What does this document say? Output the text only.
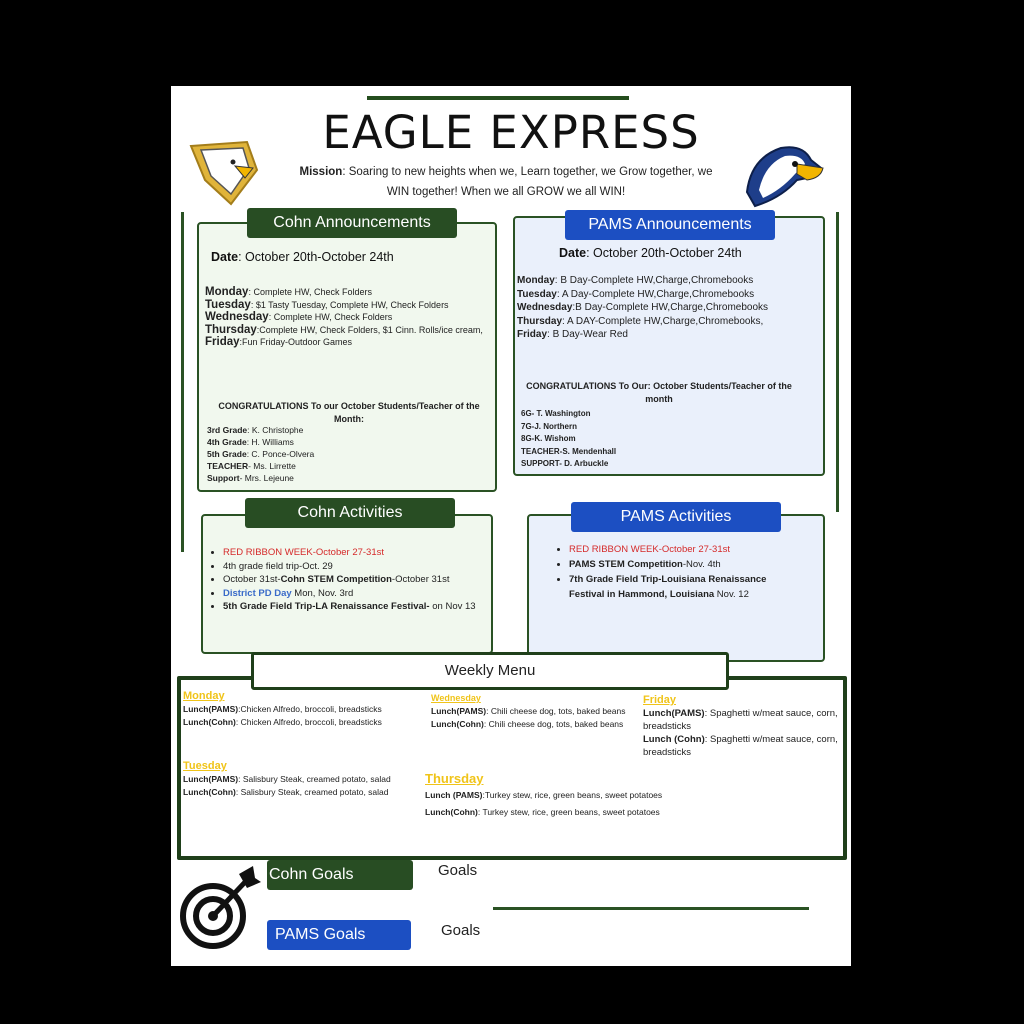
EAGLE EXPRESS
Mission: Soaring to new heights when we, Learn together, we Grow together, we WIN together! When we all GROW we all WIN!
Date: October 20th-October 24th
Monday: Complete HW, Check Folders
Tuesday: $1 Tasty Tuesday, Complete HW, Check Folders
Wednesday: Complete HW, Check Folders
Thursday:Complete HW, Check Folders, $1 Cinn. Rolls/ice cream,
Friday:Fun Friday-Outdoor Games
CONGRATULATIONS To our October Students/Teacher of the Month:
3rd Grade: K. Christophe
4th Grade: H. Williams
5th Grade: C. Ponce-Olvera
TEACHER- Ms. Lirrette
Support- Mrs. Lejeune
Cohn Announcements
Date: October 20th-October 24th
Monday: B Day-Complete HW,Charge,Chromebooks
Tuesday: A Day-Complete HW,Charge,Chromebooks
Wednesday:B Day-Complete HW,Charge,Chromebooks
Thursday: A DAY-Complete HW,Charge,Chromebooks,
Friday: B Day-Wear Red
CONGRATULATIONS To Our: October Students/Teacher of the month
6G- T. Washington
7G-J. Northern
8G-K. Wishom
TEACHER-S. Mendenhall
SUPPORT- D. Arbuckle
PAMS Announcements
• RED RIBBON WEEK-October 27-31st
• 4th grade field trip-Oct. 29
• October 31st-Cohn STEM Competition-October 31st
• District PD Day Mon, Nov. 3rd
• 5th Grade Field Trip-LA Renaissance Festival- on Nov 13
Cohn Activities
• RED RIBBON WEEK-October 27-31st
• PAMS STEM Competition-Nov. 4th
• 7th Grade Field Trip-Louisiana Renaissance Festival in Hammond, Louisiana Nov. 12
PAMS Activities
Monday
Lunch(PAMS):Chicken Alfredo, broccoli, breadsticks
Lunch(Cohn): Chicken Alfredo, broccoli, breadsticks
Tuesday
Lunch(PAMS): Salisbury Steak, creamed potato, salad
Lunch(Cohn): Salisbury Steak, creamed potato, salad
Wednesday
Lunch(PAMS): Chili cheese dog, tots, baked beans
Lunch(Cohn): Chili cheese dog, tots, baked beans
Thursday
Lunch (PAMS):Turkey stew, rice, green beans, sweet potatoes
Lunch(Cohn): Turkey stew, rice, green beans, sweet potatoes
Friday
Lunch(PAMS): Spaghetti w/meat sauce, corn, breadsticks
Lunch (Cohn): Spaghetti w/meat sauce, corn, breadsticks
Weekly Menu
Cohn Goals	Goals
PAMS Goals	Goals
